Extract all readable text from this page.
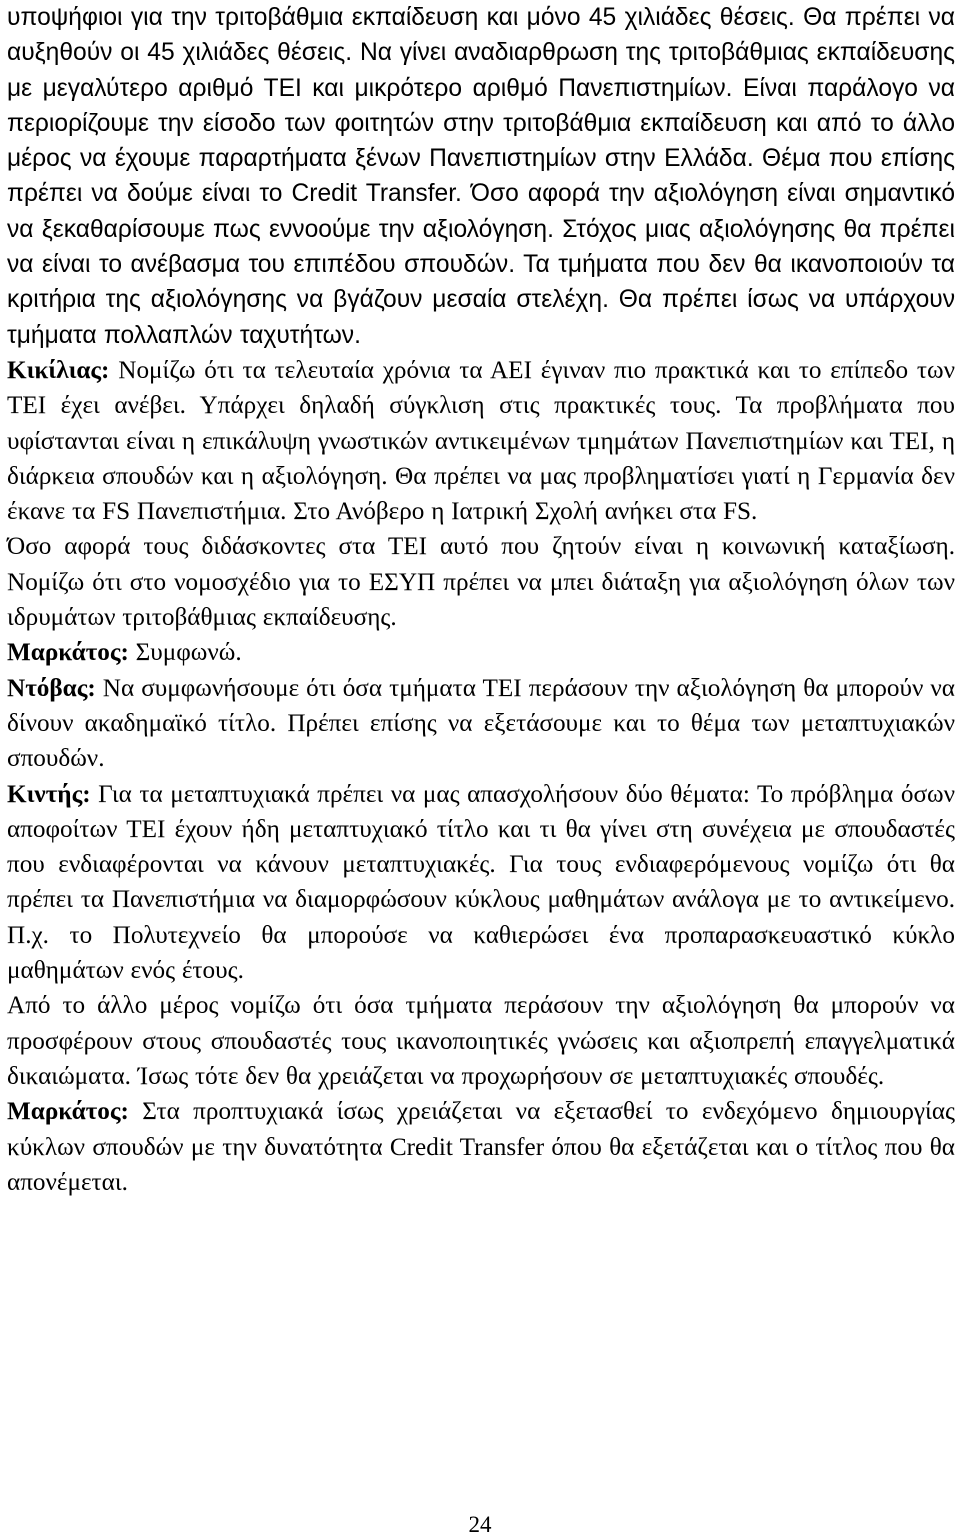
υποψήφιοι για την τριτοβάθμια εκπαίδευση και μόνο 45 χιλιάδες θέσεις. Θα πρέπει να αυξηθούν οι 45 χιλιάδες θέσεις. Να γίνει αναδιαρθρωση της τριτοβάθμιας εκπαίδευσης με μεγαλύτερο αριθμό ΤΕΙ και μικρότερο αριθμό Πανεπιστημίων. Είναι παράλογο να περιορίζουμε την είσοδο των φοιτητών στην τριτοβάθμια εκπαίδευση και από το άλλο μέρος να έχουμε παραρτήματα ξένων Πανεπιστημίων στην Ελλάδα. Θέμα που επίσης πρέπει να δούμε είναι το Credit Transfer. Όσο αφορά την αξιολόγηση είναι σημαντικό να ξεκαθαρίσουμε πως εννοούμε την αξιολόγηση. Στόχος μιας αξιολόγησης θα πρέπει να είναι το ανέβασμα του επιπέδου σπουδών. Τα τμήματα που δεν θα ικανοποιούν τα κριτήρια της αξιολόγησης να βγάζουν μεσαία στελέχη. Θα πρέπει ίσως να υπάρχουν τμήματα πολλαπλών ταχυτήτων.

Κικίλιας: Νομίζω ότι τα τελευταία χρόνια τα ΑΕΙ έγιναν πιο πρακτικά και το επίπεδο των ΤΕΙ έχει ανέβει. Υπάρχει δηλαδή σύγκλιση στις πρακτικές τους. Τα προβλήματα που υφίστανται είναι η επικάλυψη γνωστικών αντικειμένων τμημάτων Πανεπιστημίων και ΤΕΙ, η διάρκεια σπουδών και η αξιολόγηση. Θα πρέπει να μας προβληματίσει γιατί η Γερμανία δεν έκανε τα FS Πανεπιστήμια. Στο Ανόβερο η Ιατρική Σχολή ανήκει στα FS.

Όσο αφορά τους διδάσκοντες στα ΤΕΙ αυτό που ζητούν είναι η κοινωνική καταξίωση. Νομίζω ότι στο νομοσχέδιο για το ΕΣΥΠ πρέπει να μπει διάταξη για αξιολόγηση όλων των ιδρυμάτων τριτοβάθμιας εκπαίδευσης.

Μαρκάτος: Συμφωνώ.

Ντόβας: Να συμφωνήσουμε ότι όσα τμήματα ΤΕΙ περάσουν την αξιολόγηση θα μπορούν να δίνουν ακαδημαϊκό τίτλο. Πρέπει επίσης να εξετάσουμε και το θέμα των μεταπτυχιακών σπουδών.

Κιντής: Για τα μεταπτυχιακά πρέπει να μας απασχολήσουν δύο θέματα: Το πρόβλημα όσων αποφοίτων ΤΕΙ έχουν ήδη μεταπτυχιακό τίτλο και τι θα γίνει στη συνέχεια με σπουδαστές που ενδιαφέρονται να κάνουν μεταπτυχιακές. Για τους ενδιαφερόμενους νομίζω ότι θα πρέπει τα Πανεπιστήμια να διαμορφώσουν κύκλους μαθημάτων ανάλογα με το αντικείμενο. Π.χ. το Πολυτεχνείο θα μπορούσε να καθιερώσει ένα προπαρασκευαστικό κύκλο μαθημάτων ενός έτους.

Από το άλλο μέρος νομίζω ότι όσα τμήματα περάσουν την αξιολόγηση θα μπορούν να προσφέρουν στους σπουδαστές τους ικανοποιητικές γνώσεις και αξιοπρεπή επαγγελματικά δικαιώματα. Ίσως τότε δεν θα χρειάζεται να προχωρήσουν σε μεταπτυχιακές σπουδές.

Μαρκάτος: Στα προπτυχιακά ίσως χρειάζεται να εξετασθεί το ενδεχόμενο δημιουργίας κύκλων σπουδών με την δυνατότητα Credit Transfer όπου θα εξετάζεται και ο τίτλος που θα απονέμεται.

24
